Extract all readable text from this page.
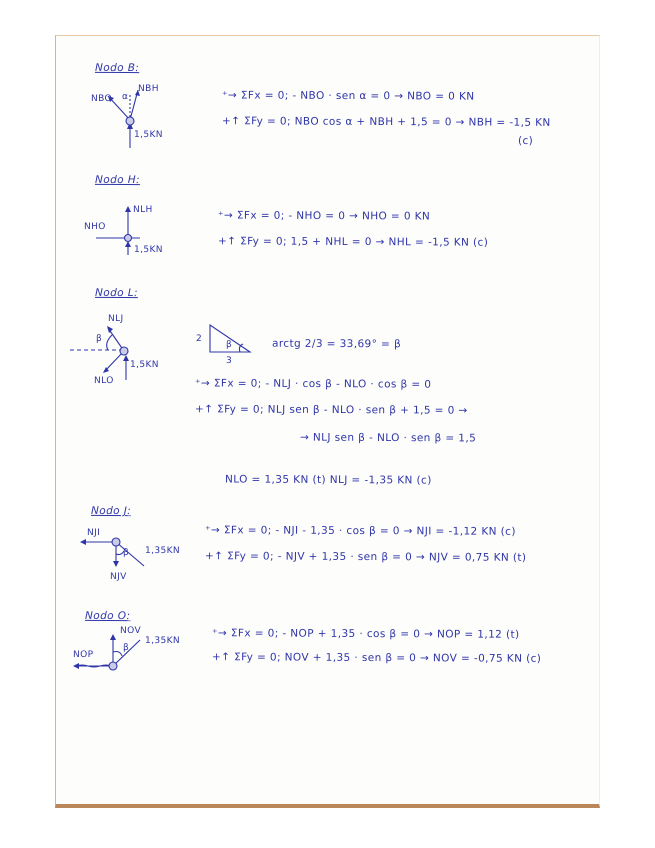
Nodo B:
NBO
NBH
α
1,5KN
⁺→ ΣFx = 0; - NBO · sen α = 0 → NBO = 0 KN
+↑ ΣFy = 0; NBO cos α + NBH + 1,5 = 0 → NBH = -1,5 KN
(c)
Nodo H:
NLH
NHO
1,5KN
⁺→ ΣFx = 0; - NHO = 0 → NHO = 0 KN
+↑ ΣFy = 0; 1,5 + NHL = 0 → NHL = -1,5 KN (c)
Nodo L:
NLJ
β
1,5KN
NLO
2
3
β	arctg 2/3 = 33,69° = β
⁺→ ΣFx = 0; - NLJ · cos β - NLO · cos β = 0
+↑ ΣFy = 0; NLJ sen β - NLO · sen β + 1,5 = 0 →
→ NLJ sen β - NLO · sen β = 1,5
NLO = 1,35 KN (t) NLJ = -1,35 KN (c)
Nodo J:
NJI
β 1,35KN
NJV
⁺→ ΣFx = 0; - NJI - 1,35 · cos β = 0 → NJI = -1,12 KN (c)
+↑ ΣFy = 0; - NJV + 1,35 · sen β = 0 → NJV = 0,75 KN (t)
Nodo O:
NOV
β
1,35KN
NOP
⁺→ ΣFx = 0; - NOP + 1,35 · cos β = 0 → NOP = 1,12 (t)
+↑ ΣFy = 0; NOV + 1,35 · sen β = 0 → NOV = -0,75 KN (c)
